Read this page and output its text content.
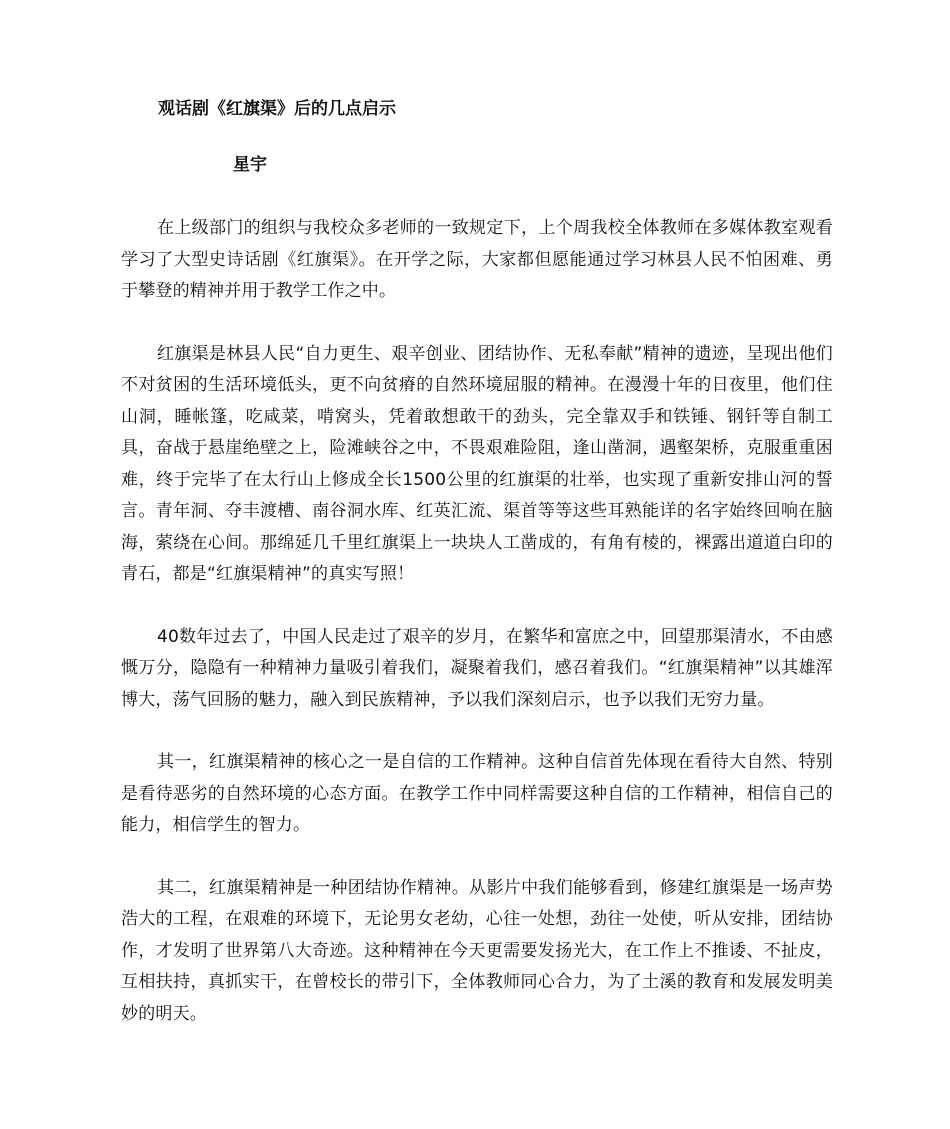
观话剧《红旗渠》后的几点启示
星宇

在上级部门的组织与我校众多老师的一致规定下，上个周我校全体教师在多媒体教室观看学习了大型史诗话剧《红旗渠》。在开学之际，大家都但愿能通过学习林县人民不怕困难、勇于攀登的精神并用于教学工作之中。

红旗渠是林县人民“自力更生、艰辛创业、团结协作、无私奉献”精神的遗迹，呈现出他们不对贫困的生活环境低头，更不向贫瘠的自然环境屈服的精神。在漫漫十年的日夜里，他们住山洞，睡帐篷，吃咸菜，啃窝头，凭着敢想敢干的劲头，完全靠双手和铁锤、钢钎等自制工具，奋战于悬崖绝壁之上，险滩峡谷之中，不畏艰难险阻，逢山凿洞，遇壑架桥，克服重重困难，终于完毕了在太行山上修成全长1500公里的红旗渠的壮举，也实现了重新安排山河的誓言。青年洞、夺丰渡槽、南谷洞水库、红英汇流、渠首等等这些耳熟能详的名字始终回响在脑海，萦绕在心间。那绵延几千里红旗渠上一块块人工凿成的，有角有棱的，裸露出道道白印的青石，都是“红旗渠精神”的真实写照！

40数年过去了，中国人民走过了艰辛的岁月，在繁华和富庶之中，回望那渠清水，不由感慨万分，隐隐有一种精神力量吸引着我们，凝聚着我们，感召着我们。“红旗渠精神”以其雄浑博大，荡气回肠的魅力，融入到民族精神，予以我们深刻启示，也予以我们无穷力量。

其一，红旗渠精神的核心之一是自信的工作精神。这种自信首先体现在看待大自然、特别是看待恶劣的自然环境的心态方面。在教学工作中同样需要这种自信的工作精神，相信自己的能力，相信学生的智力。

其二，红旗渠精神是一种团结协作精神。从影片中我们能够看到，修建红旗渠是一场声势浩大的工程，在艰难的环境下，无论男女老幼，心往一处想，劲往一处使，听从安排，团结协作，才发明了世界第八大奇迹。这种精神在今天更需要发扬光大，在工作上不推诿、不扯皮，互相扶持，真抓实干，在曾校长的带引下，全体教师同心合力，为了土溪的教育和发展发明美妙的明天。
